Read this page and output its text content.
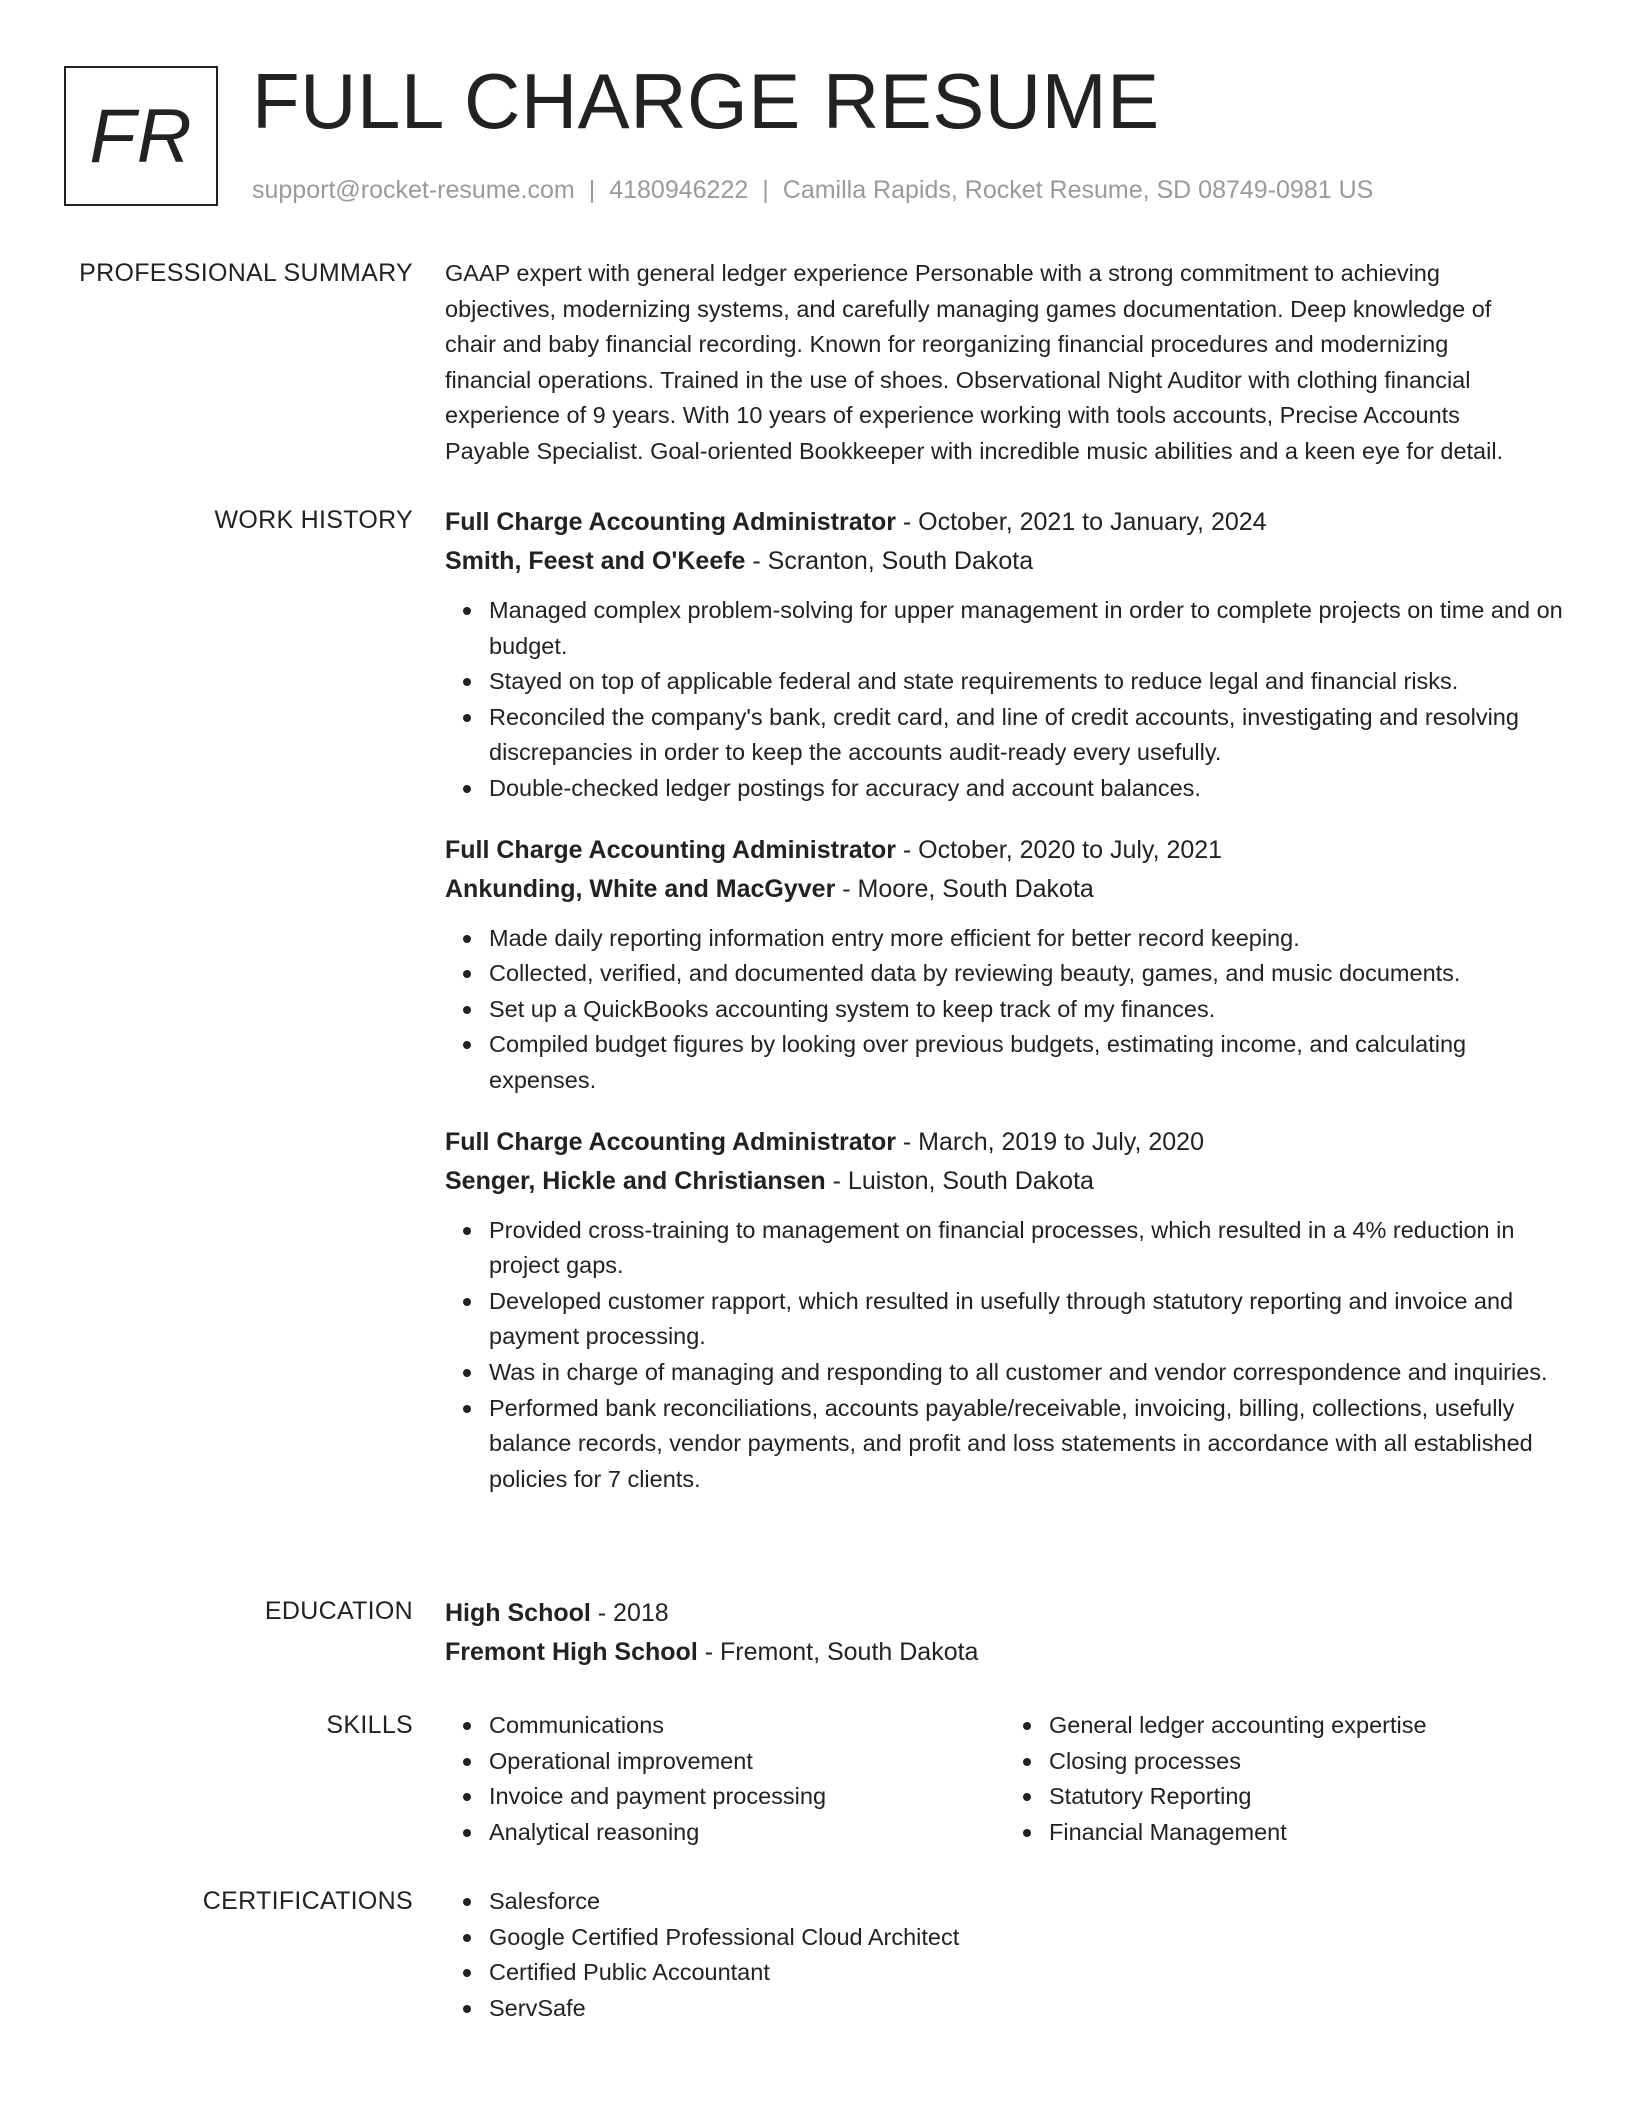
FR FULL CHARGE RESUME
support@rocket-resume.com | 4180946222 | Camilla Rapids, Rocket Resume, SD 08749-0981 US
PROFESSIONAL SUMMARY GAAP expert with general ledger experience Personable with a strong commitment to achieving

objectives, modernizing systems, and carefully managing games documentation. Deep knowledge of

chair and baby financial recording. Known for reorganizing financial procedures and modernizing

financial operations. Trained in the use of shoes. Observational Night Auditor with clothing financial

experience of 9 years. With 10 years of experience working with tools accounts, Precise Accounts

Payable Specialist. Goal-oriented Bookkeeper with incredible music abilities and a keen eye for detail.

WORK HISTORY Full Charge Accounting Administrator - October, 2021 to January, 2024
Smith, Feest and O'Keefe - Scranton, South Dakota
Managed complex problem-solving for upper management in order to complete projects on time and on budget.
Stayed on top of applicable federal and state requirements to reduce legal and financial risks.
Reconciled the company's bank, credit card, and line of credit accounts, investigating and resolving discrepancies in order to keep the accounts audit-ready every usefully.
Double-checked ledger postings for accuracy and account balances.
Full Charge Accounting Administrator - October, 2020 to July, 2021
Ankunding, White and MacGyver - Moore, South Dakota
Made daily reporting information entry more efficient for better record keeping.
Collected, verified, and documented data by reviewing beauty, games, and music documents.
Set up a QuickBooks accounting system to keep track of my finances.
Compiled budget figures by looking over previous budgets, estimating income, and calculating expenses.
Full Charge Accounting Administrator - March, 2019 to July, 2020
Senger, Hickle and Christiansen - Luiston, South Dakota
Provided cross-training to management on financial processes, which resulted in a 4% reduction in project gaps.
Developed customer rapport, which resulted in usefully through statutory reporting and invoice and payment processing.
Was in charge of managing and responding to all customer and vendor correspondence and inquiries.
Performed bank reconciliations, accounts payable/receivable, invoicing, billing, collections, usefully balance records, vendor payments, and profit and loss statements in accordance with all established policies for 7 clients.
EDUCATION High School - 2018
Fremont High School - Fremont, South Dakota
SKILLS	Communications
Operational improvement
Invoice and payment processing
Analytical reasoning
General ledger accounting expertise
Closing processes
Statutory Reporting
Financial Management
CERTIFICATIONS	Salesforce
Google Certified Professional Cloud Architect
Certified Public Accountant
ServSafe
